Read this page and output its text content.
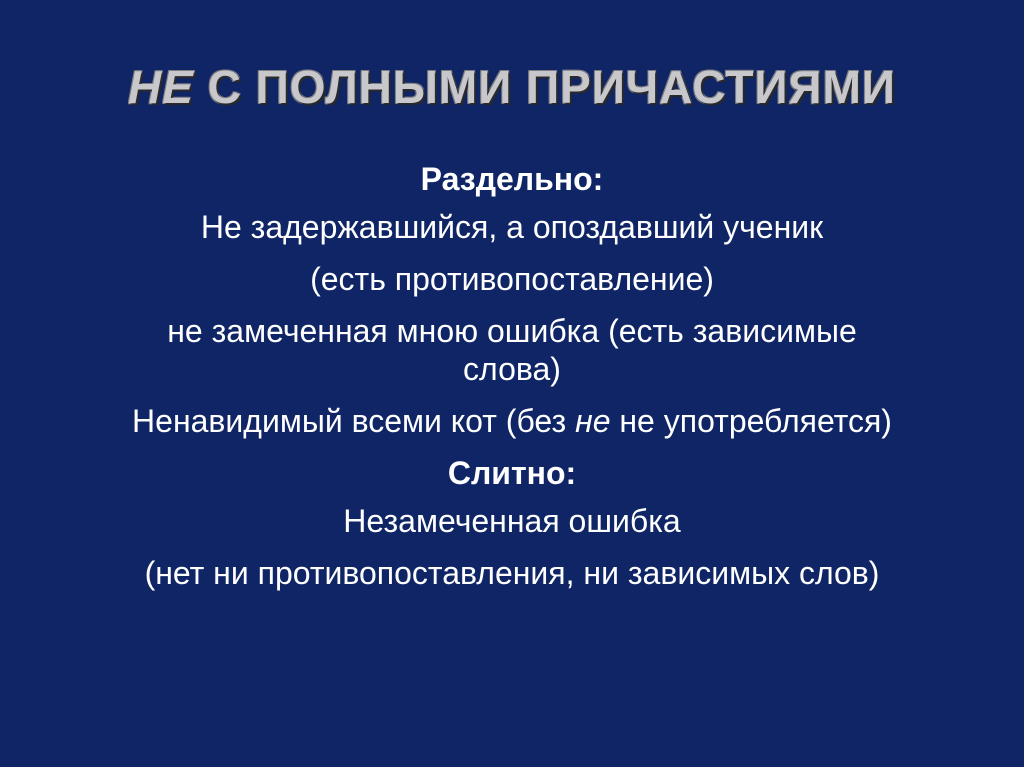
НЕ С ПОЛНЫМИ ПРИЧАСТИЯМИ

Раздельно:

Не задержавшийся, а опоздавший ученик

(есть противопоставление)

не замеченная мною ошибка (есть зависимые
слова)

Ненавидимый всеми кот (без не не употребляется)

Слитно:

Незамеченная ошибка

(нет ни противопоставления, ни зависимых слов)
